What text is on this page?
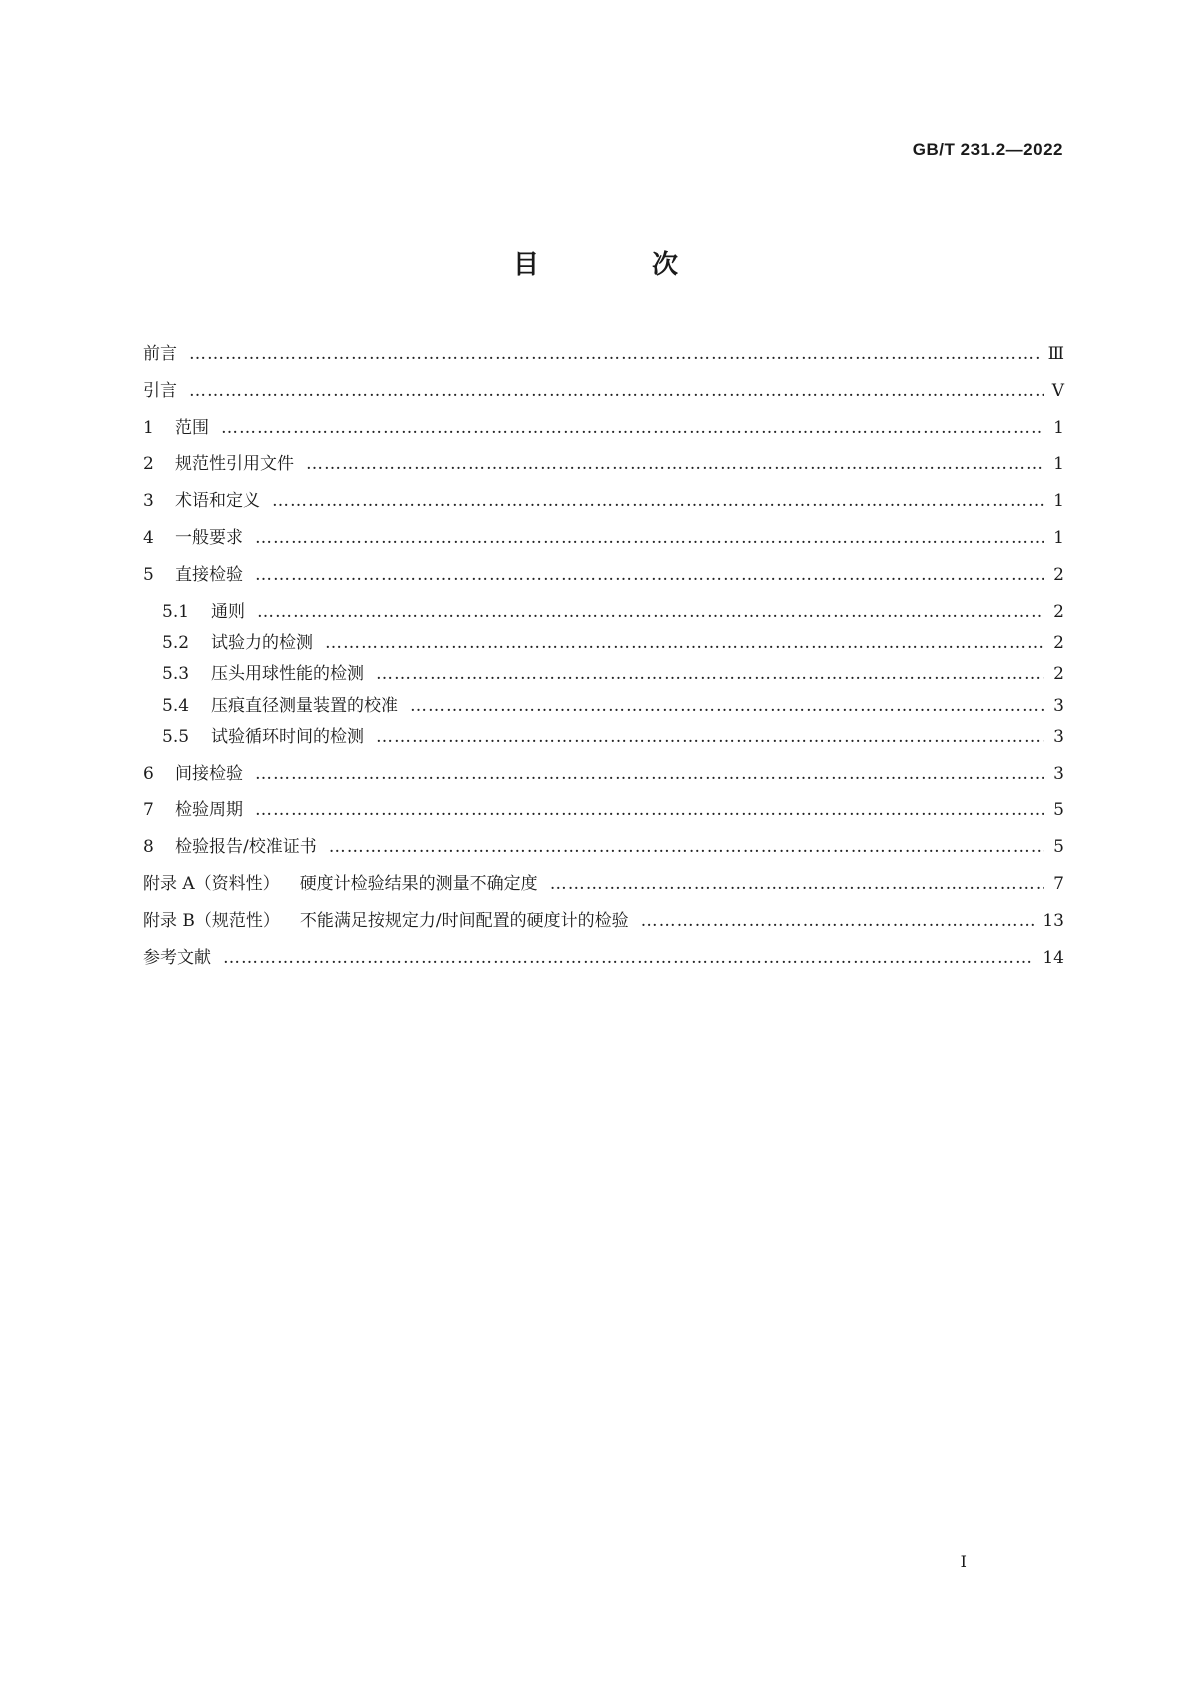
GB/T 231.2—2022
目 次
前言 ……………………………………………………………………………………………………………………………………………………………………………………………………	Ⅲ
引言 ……………………………………………………………………………………………………………………………………………………………………………………………………	Ⅴ
1	范围 ……………………………………………………………………………………………………………………………………………………………………………………………………	1
2	规范性引用文件 ……………………………………………………………………………………………………………………………………………………………………………………………………	1
3	术语和定义 ……………………………………………………………………………………………………………………………………………………………………………………………………	1
4	一般要求 ……………………………………………………………………………………………………………………………………………………………………………………………………	1
5	直接检验 ……………………………………………………………………………………………………………………………………………………………………………………………………	2
5.1	通则 ……………………………………………………………………………………………………………………………………………………………………………………………………	2
5.2	试验力的检测 ……………………………………………………………………………………………………………………………………………………………………………………………………	2
5.3	压头用球性能的检测 ……………………………………………………………………………………………………………………………………………………………………………………………………	2
5.4	压痕直径测量装置的校准 ……………………………………………………………………………………………………………………………………………………………………………………………………	3
5.5	试验循环时间的检测 ……………………………………………………………………………………………………………………………………………………………………………………………………	3
6	间接检验 ……………………………………………………………………………………………………………………………………………………………………………………………………	3
7	检验周期 ……………………………………………………………………………………………………………………………………………………………………………………………………	5
8	检验报告/校准证书 ……………………………………………………………………………………………………………………………………………………………………………………………………	5
附录 A（资料性） 硬度计检验结果的测量不确定度 ……………………………………………………………………………………………………………………………………………………………………………………………………	7
附录 B（规范性） 不能满足按规定力/时间配置的硬度计的检验 ……………………………………………………………………………………………………………………………………………………………………………………………………	13
参考文献 ……………………………………………………………………………………………………………………………………………………………………………………………………	14
Ⅰ
